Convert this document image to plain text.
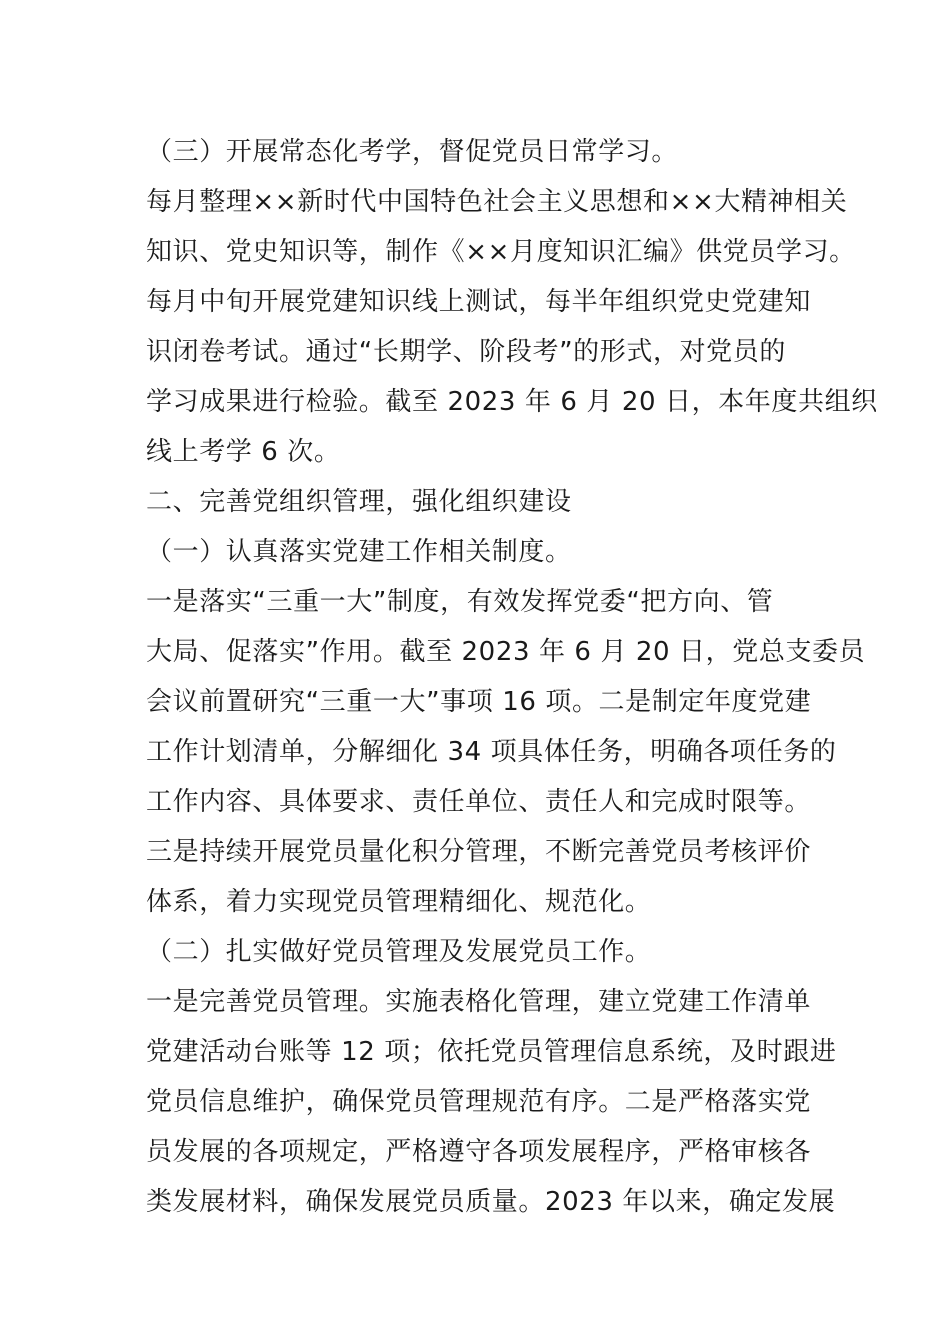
（三）开展常态化考学，督促党员日常学习。
每月整理××新时代中国特色社会主义思想和××大精神相关
知识、党史知识等，制作《××月度知识汇编》供党员学习。
每月中旬开展党建知识线上测试，每半年组织党史党建知
识闭卷考试。通过“长期学、阶段考”的形式，对党员的
学习成果进行检验。截至 2023 年 6 月 20 日，本年度共组织
线上考学 6 次。
二、完善党组织管理，强化组织建设
（一）认真落实党建工作相关制度。
一是落实“三重一大”制度，有效发挥党委“把方向、管
大局、促落实”作用。截至 2023 年 6 月 20 日，党总支委员
会议前置研究“三重一大”事项 16 项。二是制定年度党建
工作计划清单，分解细化 34 项具体任务，明确各项任务的
工作内容、具体要求、责任单位、责任人和完成时限等。
三是持续开展党员量化积分管理，不断完善党员考核评价
体系，着力实现党员管理精细化、规范化。
（二）扎实做好党员管理及发展党员工作。
一是完善党员管理。实施表格化管理，建立党建工作清单
党建活动台账等 12 项；依托党员管理信息系统，及时跟进
党员信息维护，确保党员管理规范有序。二是严格落实党
员发展的各项规定，严格遵守各项发展程序，严格审核各
类发展材料，确保发展党员质量。2023 年以来，确定发展
